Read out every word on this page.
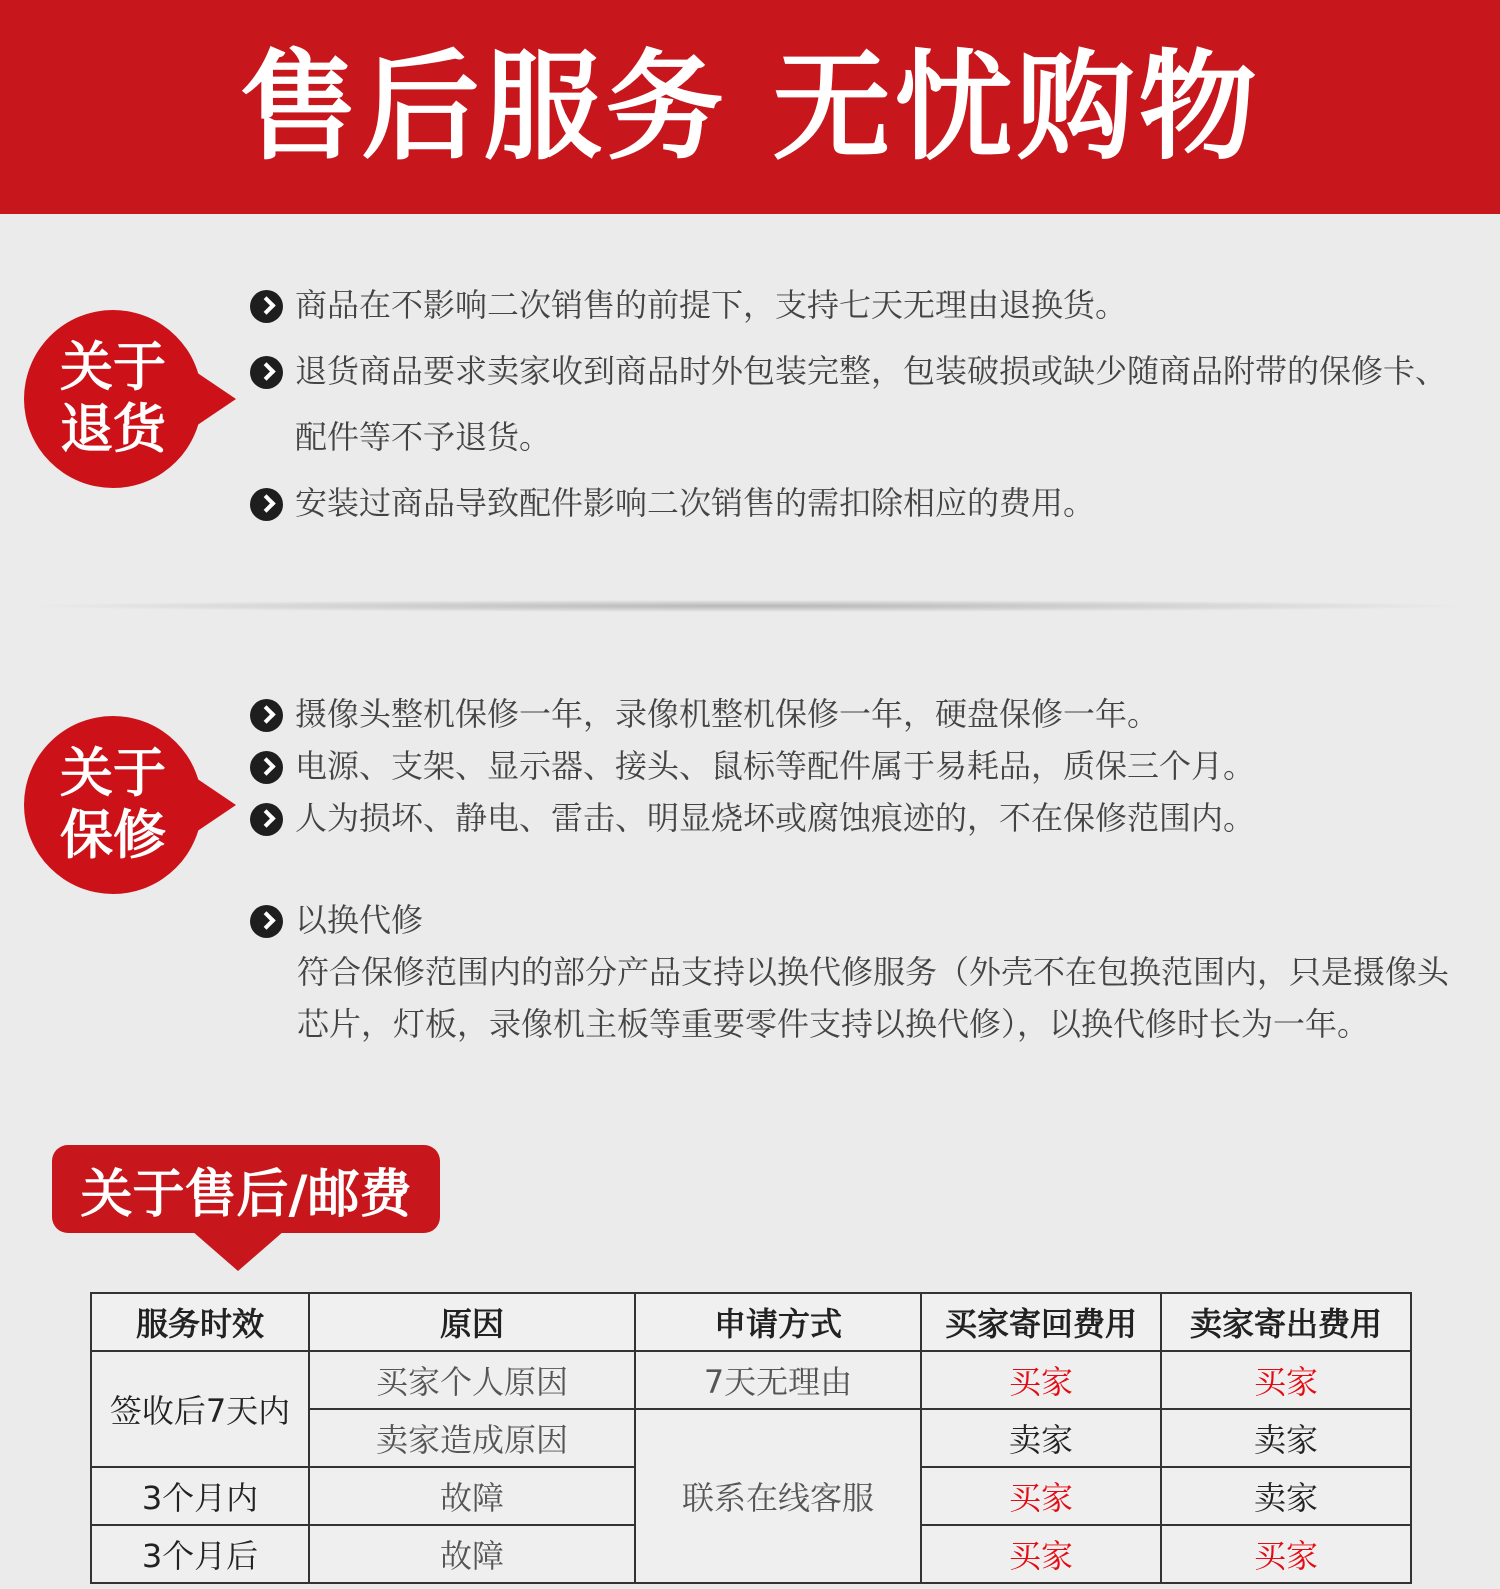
售后服务 无忧购物
关于
退货
商品在不影响二次销售的前提下，支持七天无理由退换货。
退货商品要求卖家收到商品时外包装完整，包装破损或缺少随商品附带的保修卡、配件等不予退货。
安装过商品导致配件影响二次销售的需扣除相应的费用。
关于
保修
摄像头整机保修一年，录像机整机保修一年，硬盘保修一年。
电源、支架、显示器、接头、鼠标等配件属于易耗品，质保三个月。
人为损坏、静电、雷击、明显烧坏或腐蚀痕迹的，不在保修范围内。
以换代修
符合保修范围内的部分产品支持以换代修服务（外壳不在包换范围内，只是摄像头芯片，灯板，录像机主板等重要零件支持以换代修），以换代修时长为一年。
关于售后/邮费
服务时效	原因	申请方式	买家寄回费用	卖家寄出费用
签收后7天内	买家个人原因	7天无理由	买家	买家
	卖家造成原因	联系在线客服	卖家	卖家
3个月内	故障		买家	卖家
3个月后	故障		买家	买家
